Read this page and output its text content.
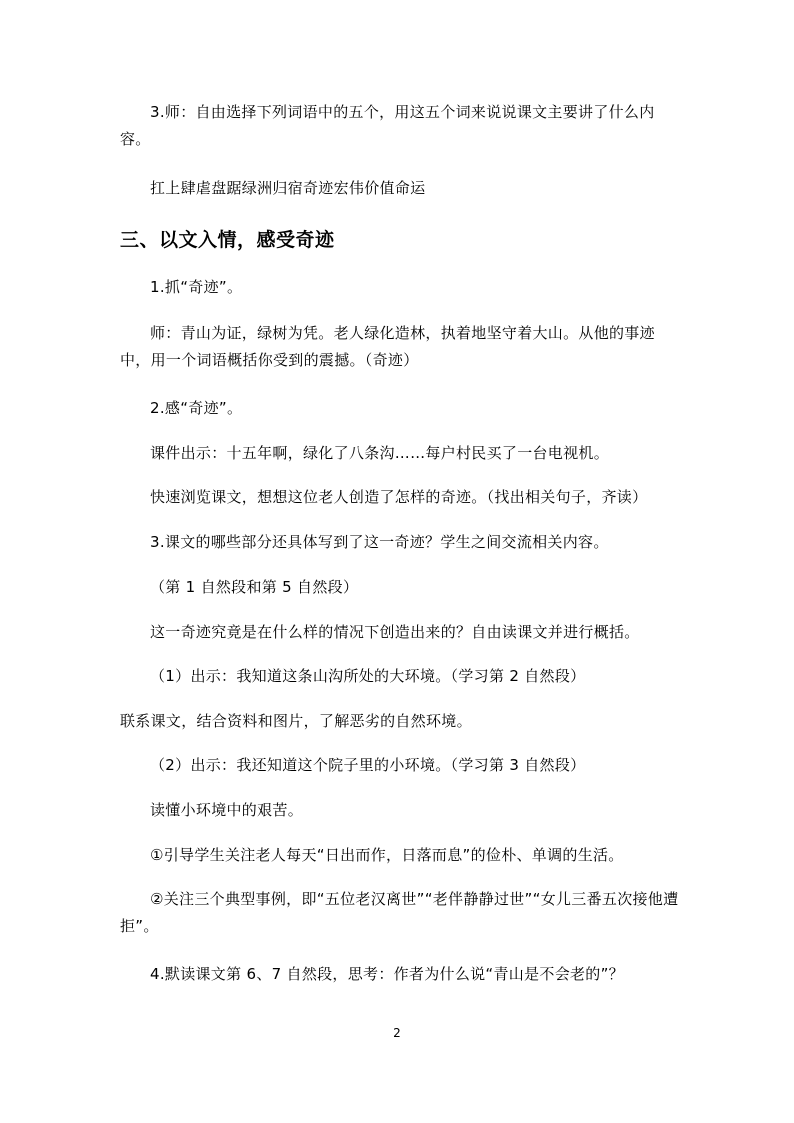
3.师：自由选择下列词语中的五个，用这五个词来说说课文主要讲了什么内容。

扛上肆虐盘踞绿洲归宿奇迹宏伟价值命运

三、以文入情，感受奇迹

1.抓“奇迹”。

师：青山为证，绿树为凭。老人绿化造林，执着地坚守着大山。从他的事迹中，用一个词语概括你受到的震撼。（奇迹）

2.感“奇迹”。

课件出示：十五年啊，绿化了八条沟……每户村民买了一台电视机。

快速浏览课文，想想这位老人创造了怎样的奇迹。（找出相关句子，齐读）

3.课文的哪些部分还具体写到了这一奇迹？学生之间交流相关内容。

（第 1 自然段和第 5 自然段）

这一奇迹究竟是在什么样的情况下创造出来的？自由读课文并进行概括。

（1）出示：我知道这条山沟所处的大环境。（学习第 2 自然段）

联系课文，结合资料和图片，了解恶劣的自然环境。

（2）出示：我还知道这个院子里的小环境。（学习第 3 自然段）

读懂小环境中的艰苦。

①引导学生关注老人每天“日出而作，日落而息”的俭朴、单调的生活。

②关注三个典型事例，即“五位老汉离世”“老伴静静过世”“女儿三番五次接他遭拒”。

4.默读课文第 6、7 自然段，思考：作者为什么说“青山是不会老的”？

2
